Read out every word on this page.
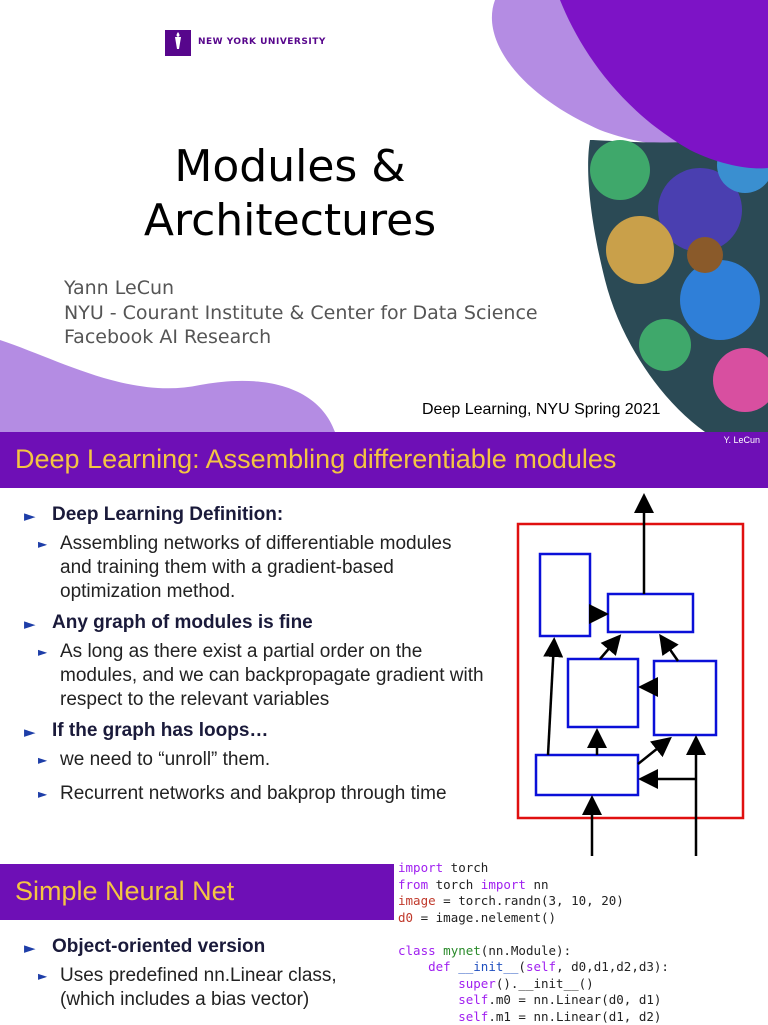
NEW YORK UNIVERSITY
Modules & Architectures
Yann LeCun
NYU - Courant Institute & Center for Data Science
Facebook AI Research
Deep Learning, NYU Spring 2021
Deep Learning: Assembling differentiable modules
Y. LeCun
► Deep Learning Definition:
► Assembling networks of differentiable modules and training them with a gradient-based optimization method.
► Any graph of modules is fine
► As long as there exist a partial order on the modules, and we can backpropagate gradient with respect to the relevant variables
► If the graph has loops…
► we need to “unroll” them.
► Recurrent networks and bakprop through time
Simple Neural Net
► Object-oriented version
► Uses predefined nn.Linear class, (which includes a bias vector)
import torch
from torch import nn
image = torch.randn(3, 10, 20)
d0 = image.nelement()

class mynet(nn.Module):
def __init__(self, d0,d1,d2,d3):
super().__init__()
self.m0 = nn.Linear(d0, d1)
self.m1 = nn.Linear(d1, d2)
